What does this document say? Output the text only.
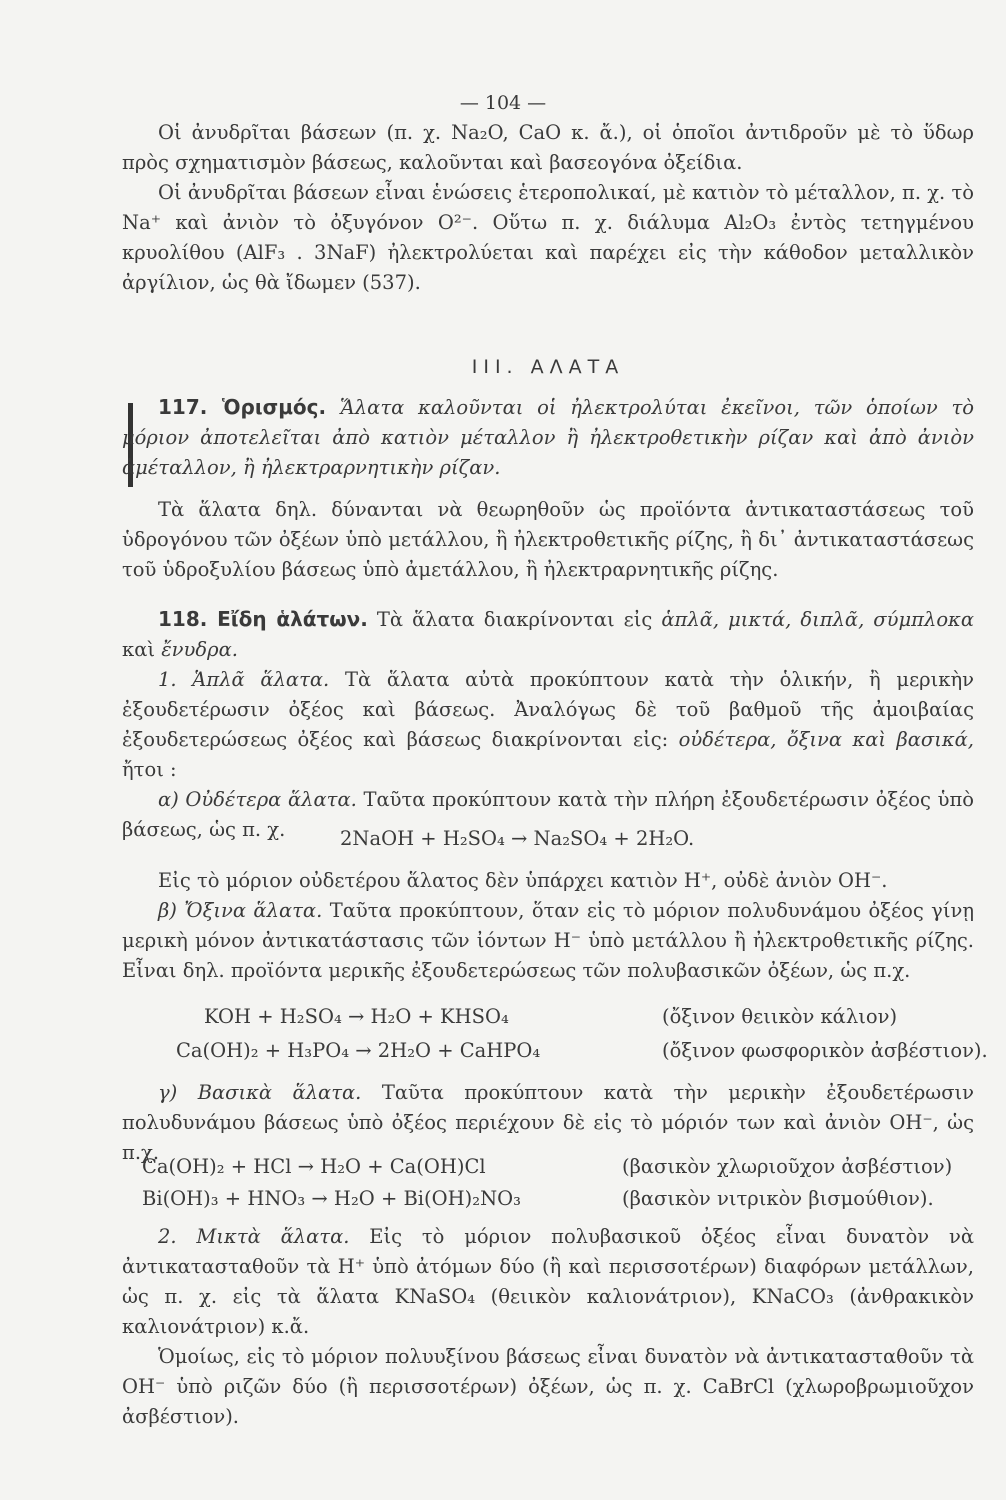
— 104 —

Οἱ ἀνυδρῖται βάσεων (π. χ. Na₂O, CaO κ. ἄ.), οἱ ὁποῖοι ἀντιδροῦν μὲ τὸ ὕδωρ πρὸς σχηματισμὸν βάσεως, καλοῦνται καὶ βασεογόνα ὀξείδια.

Οἱ ἀνυδρῖται βάσεων εἶναι ἑνώσεις ἑτεροπολικαί, μὲ κατιὸν τὸ μέταλλον, π. χ. τὸ Na⁺ καὶ ἀνιὸν τὸ ὀξυγόνον O²⁻. Οὕτω π. χ. διάλυμα Al₂O₃ ἐντὸς τετηγμένου κρυολίθου (AlF₃ . 3NaF) ἠλεκτρολύεται καὶ παρέχει εἰς τὴν κάθοδον μεταλλικὸν ἀργίλιον, ὡς θὰ ἴδωμεν (537).

III. ΑΛΑΤΑ

117. Ὁρισμός. Ἅλατα καλοῦνται οἱ ἠλεκτρολύται ἐκεῖνοι, τῶν ὁποίων τὸ μόριον ἀποτελεῖται ἀπὸ κατιὸν μέταλλον ἢ ἠλεκτροθετικὴν ρίζαν καὶ ἀπὸ ἀνιὸν ἀμέταλλον, ἢ ἠλεκτραρνητικὴν ρίζαν.

Τὰ ἅλατα δηλ. δύνανται νὰ θεωρηθοῦν ὡς προϊόντα ἀντικαταστάσεως τοῦ ὑδρογόνου τῶν ὀξέων ὑπὸ μετάλλου, ἢ ἠλεκτροθετικῆς ρίζης, ἢ δι᾿ ἀντικαταστάσεως τοῦ ὑδροξυλίου βάσεως ὑπὸ ἀμετάλλου, ἢ ἠλεκτραρνητικῆς ρίζης.

118. Εἴδη ἁλάτων. Τὰ ἅλατα διακρίνονται εἰς ἁπλᾶ, μικτά, διπλᾶ, σύμπλοκα καὶ ἔνυδρα.

1. Ἁπλᾶ ἅλατα. Τὰ ἅλατα αὐτὰ προκύπτουν κατὰ τὴν ὁλικήν, ἢ μερικὴν ἐξουδετέρωσιν ὀξέος καὶ βάσεως. Ἀναλόγως δὲ τοῦ βαθμοῦ τῆς ἀμοιβαίας ἐξουδετερώσεως ὀξέος καὶ βάσεως διακρίνονται εἰς: οὐδέτερα, ὄξινα καὶ βασικά, ἤτοι :

α) Οὐδέτερα ἅλατα. Ταῦτα προκύπτουν κατὰ τὴν πλήρη ἐξουδετέρωσιν ὀξέος ὑπὸ βάσεως, ὡς π. χ.	2NaOH + H₂SO₄ → Na₂SO₄ + 2H₂O.

Εἰς τὸ μόριον οὐδετέρου ἅλατος δὲν ὑπάρχει κατιὸν H⁺, οὐδὲ ἀνιὸν OH⁻.

β) Ὄξινα ἅλατα. Ταῦτα προκύπτουν, ὅταν εἰς τὸ μόριον πολυδυνάμου ὀξέος γίνῃ μερικὴ μόνον ἀντικατάστασις τῶν ἰόντων H⁻ ὑπὸ μετάλλου ἢ ἠλεκτροθετικῆς ρίζης. Εἶναι δηλ. προϊόντα μερικῆς ἐξουδετερώσεως τῶν πολυβασικῶν ὀξέων, ὡς π.χ.

KOH + H₂SO₄ → H₂O + KHSO₄	(ὄξινον θειικὸν κάλιον)
Ca(OH)₂ + H₃PO₄ → 2H₂O + CaHPO₄	(ὄξινον φωσφορικὸν ἀσβέστιον).

γ) Βασικὰ ἅλατα. Ταῦτα προκύπτουν κατὰ τὴν μερικὴν ἐξουδετέρωσιν πολυδυνάμου βάσεως ὑπὸ ὀξέος περιέχουν δὲ εἰς τὸ μόριόν των καὶ ἀνιὸν OH⁻, ὡς π.χ.

Ca(OH)₂ + HCl → H₂O + Ca(OH)Cl	(βασικὸν χλωριοῦχον ἀσβέστιον)
Bi(OH)₃ + HNO₃ → H₂O + Bi(OH)₂NO₃	(βασικὸν νιτρικὸν βισμούθιον).

2. Μικτὰ ἅλατα. Εἰς τὸ μόριον πολυβασικοῦ ὀξέος εἶναι δυνατὸν νὰ ἀντικατασταθοῦν τὰ H⁺ ὑπὸ ἀτόμων δύο (ἢ καὶ περισσοτέρων) διαφόρων μετάλλων, ὡς π. χ. εἰς τὰ ἅλατα KNaSO₄ (θειικὸν καλιονάτριον), KNaCO₃ (ἀνθρακικὸν καλιονάτριον) κ.ἄ.

Ὁμοίως, εἰς τὸ μόριον πολυυξίνου βάσεως εἶναι δυνατὸν νὰ ἀντικατασταθοῦν τὰ OH⁻ ὑπὸ ριζῶν δύο (ἢ περισσοτέρων) ὀξέων, ὡς π. χ. CaBrCl (χλωροβρωμιοῦχον ἀσβέστιον).
